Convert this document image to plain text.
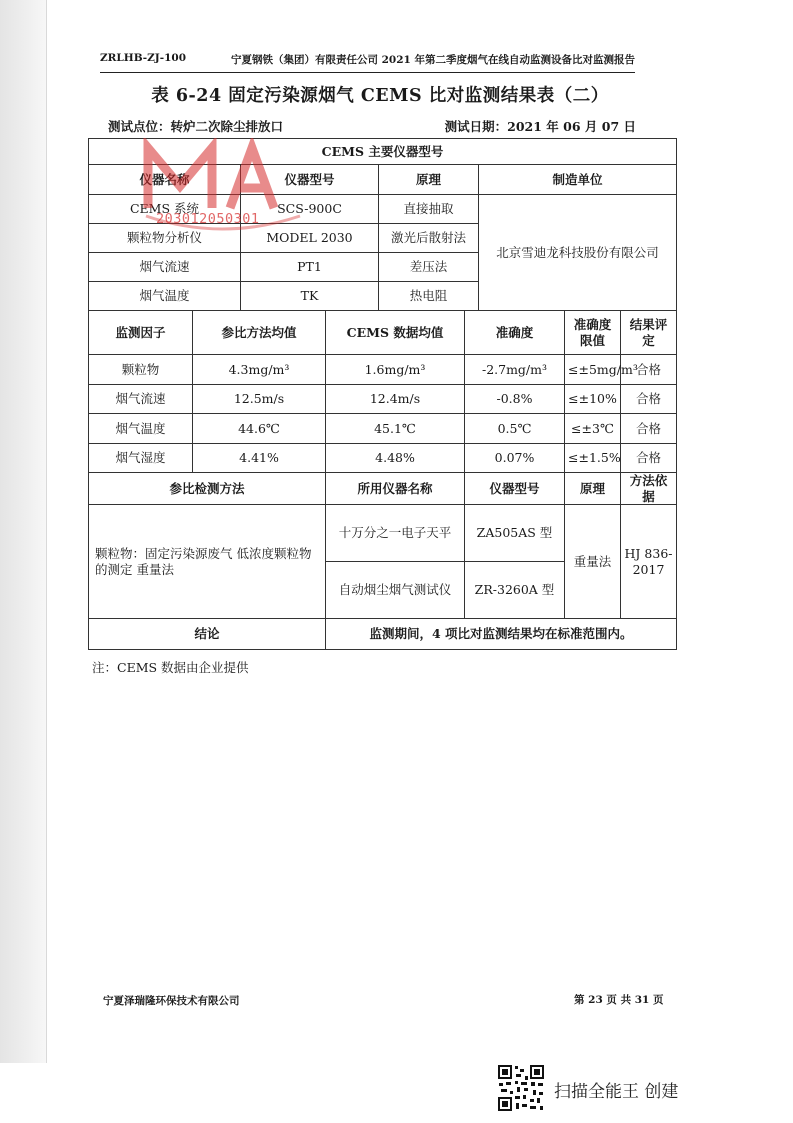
ZRLHB-ZJ-100	宁夏钢铁（集团）有限责任公司 2021 年第二季度烟气在线自动监测设备比对监测报告
表 6-24 固定污染源烟气 CEMS 比对监测结果表（二）
测试点位：转炉二次除尘排放口	测试日期：2021 年 06 月 07 日
CEMS 主要仪器型号								
仪器名称		仪器型号		原理		制造单位		
CEMS 系统		SCS-900C		直接抽取		北京雪迪龙科技股份有限公司		
颗粒物分析仪		MODEL 2030		激光后散射法				
烟气流速		PT1		差压法				
烟气温度		TK		热电阻				
监测因子	参比方法均值		CEMS 数据均值		准确度		准确度限值	结果评定
颗粒物	4.3mg/m³		1.6mg/m³		-2.7mg/m³		≤±5mg/m³	合格
烟气流速	12.5m/s		12.4m/s		-0.8%		≤±10%	合格
烟气温度	44.6℃		45.1℃		0.5℃		≤±3℃	合格
烟气湿度	4.41%		4.48%		0.07%		≤±1.5%	合格
参比检测方法			所用仪器名称		仪器型号		原理	方法依据
颗粒物：固定污染源废气 低浓度颗粒物的测定 重量法			十万分之一电子天平		ZA505AS 型		重量法	HJ 836-2017
			自动烟尘烟气测试仪		ZR-3260A 型			
结论			监测期间，4 项比对监测结果均在标准范围内。					
2030120503​01
注：CEMS 数据由企业提供
宁夏泽瑞隆环保技术有限公司	第 23 页 共 31 页
扫描全能王 创建
